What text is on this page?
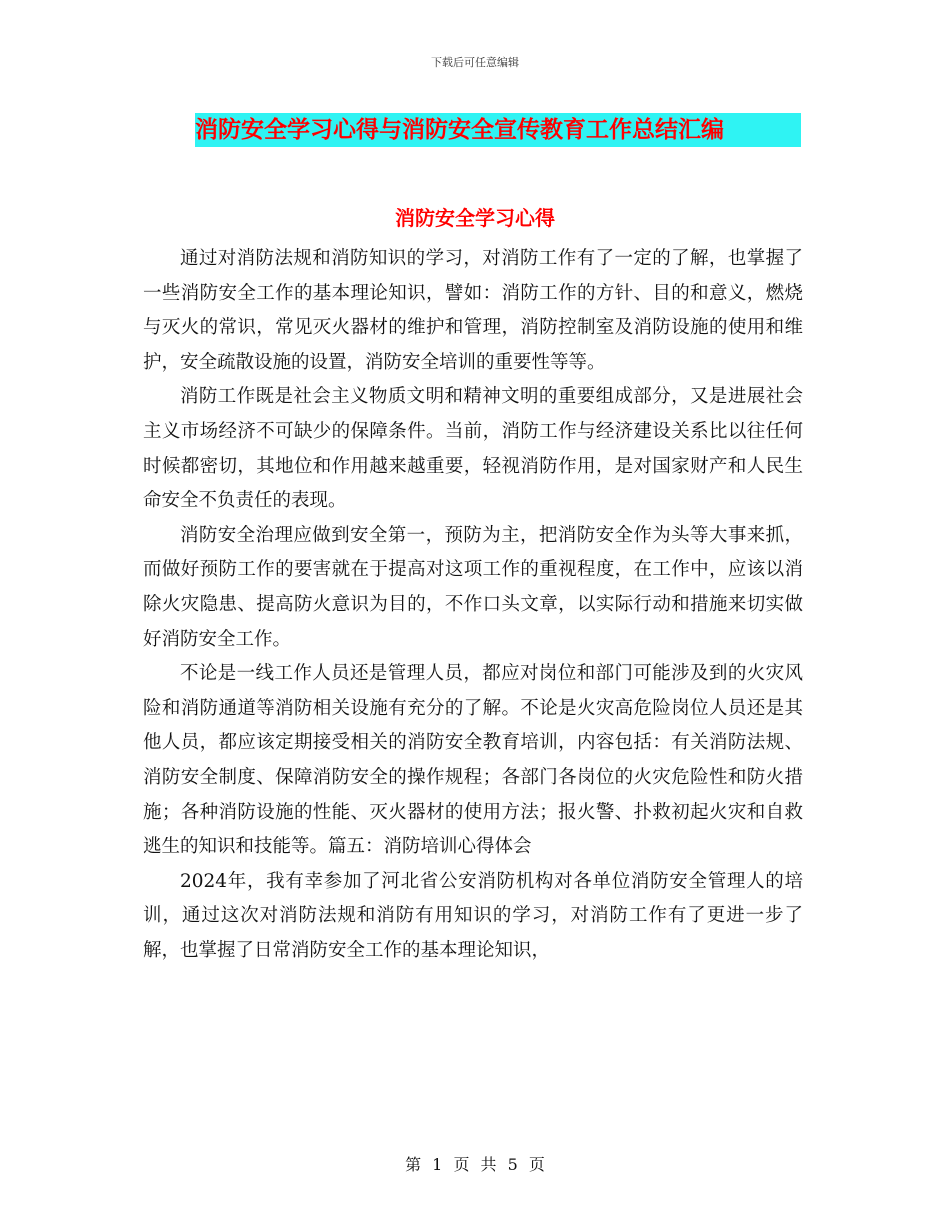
下载后可任意编辑
消防安全学习心得与消防安全宣传教育工作总结汇编
消防安全学习心得

通过对消防法规和消防知识的学习，对消防工作有了一定的了解，也掌握了一些消防安全工作的基本理论知识，譬如：消防工作的方针、目的和意义，燃烧与灭火的常识，常见灭火器材的维护和管理，消防控制室及消防设施的使用和维护，安全疏散设施的设置，消防安全培训的重要性等等。

消防工作既是社会主义物质文明和精神文明的重要组成部分，又是进展社会主义市场经济不可缺少的保障条件。当前，消防工作与经济建设关系比以往任何时候都密切，其地位和作用越来越重要，轻视消防作用，是对国家财产和人民生命安全不负责任的表现。

消防安全治理应做到安全第一，预防为主，把消防安全作为头等大事来抓，而做好预防工作的要害就在于提高对这项工作的重视程度，在工作中，应该以消除火灾隐患、提高防火意识为目的，不作口头文章，以实际行动和措施来切实做好消防安全工作。

不论是一线工作人员还是管理人员，都应对岗位和部门可能涉及到的火灾风险和消防通道等消防相关设施有充分的了解。不论是火灾高危险岗位人员还是其他人员，都应该定期接受相关的消防安全教育培训，内容包括：有关消防法规、消防安全制度、保障消防安全的操作规程；各部门各岗位的火灾危险性和防火措施；各种消防设施的性能、灭火器材的使用方法；报火警、扑救初起火灾和自救逃生的知识和技能等。篇五：消防培训心得体会

2024年，我有幸参加了河北省公安消防机构对各单位消防安全管理人的培训，通过这次对消防法规和消防有用知识的学习，对消防工作有了更进一步了解，也掌握了日常消防安全工作的基本理论知识，

第 1 页 共 5 页
